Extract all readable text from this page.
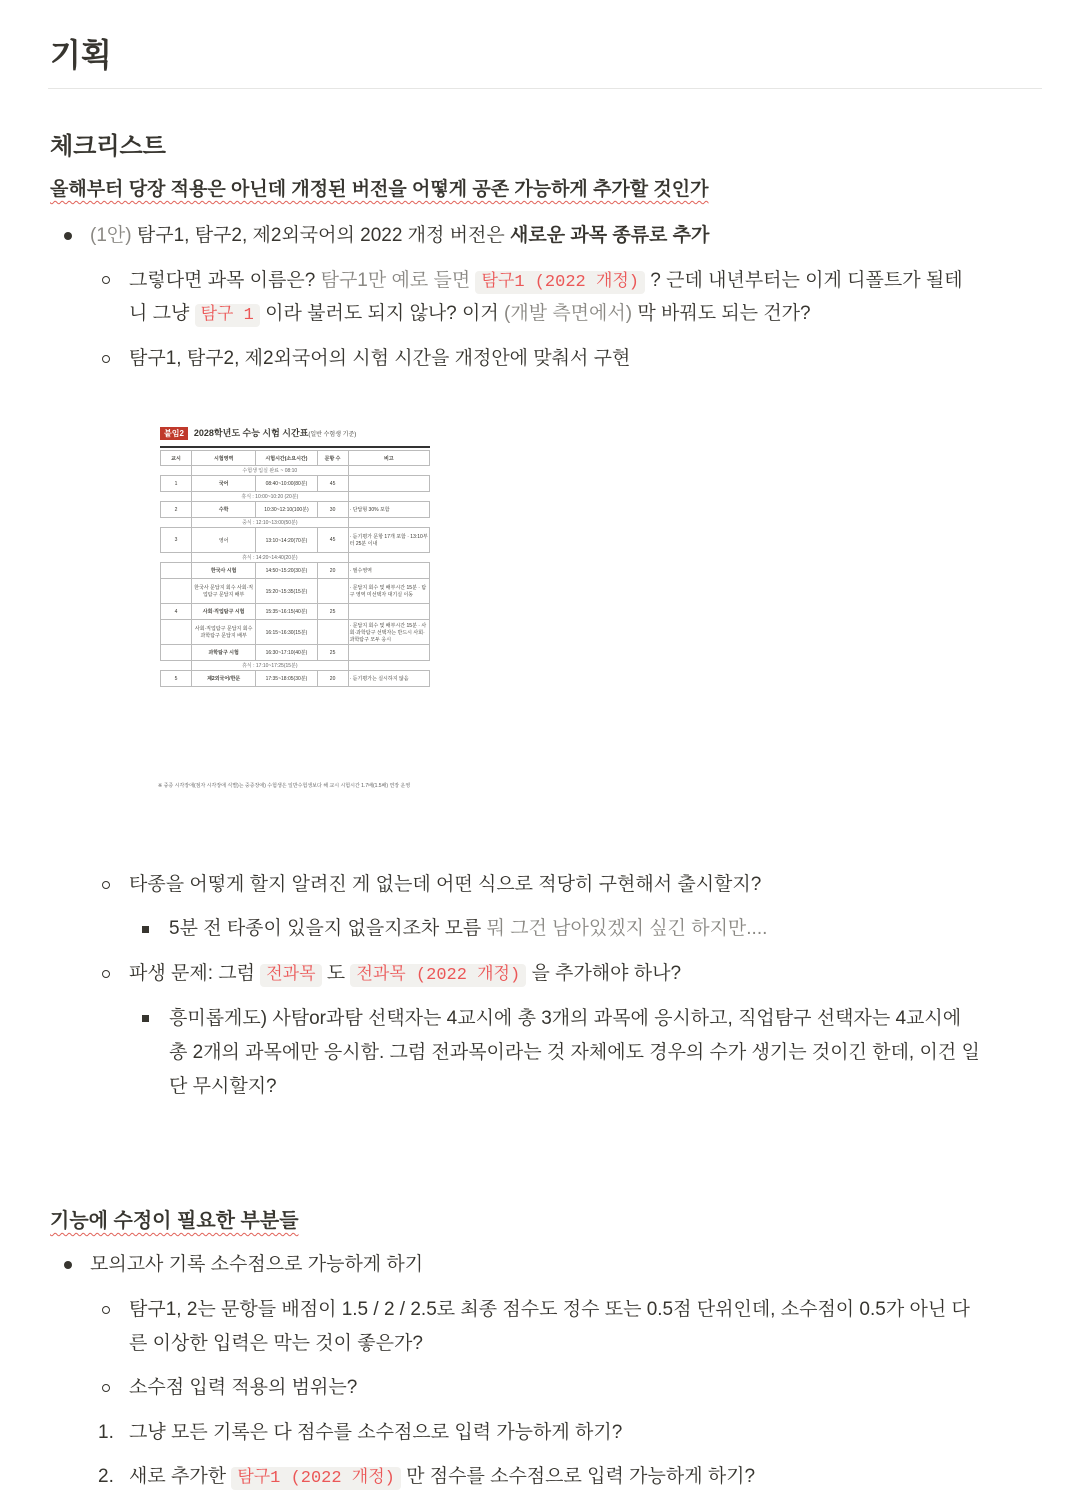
기획
체크리스트
올해부터 당장 적용은 아닌데 개정된 버전을 어떻게 공존 가능하게 추가할 것인가
(1안) 탐구1, 탐구2, 제2외국어의 2022 개정 버전은 새로운 과목 종류로 추가
그렇다면 과목 이름은? 탐구1만 예로 들면 탐구1 (2022 개정) ? 근데 내년부터는 이게 디폴트가 될테
니 그냥 탐구 1 이라 불러도 되지 않나? 이거 (개발 측면에서) 막 바꿔도 되는 건가?
탐구1, 탐구2, 제2외국어의 시험 시간을 개정안에 맞춰서 구현
붙임2 2028학년도 수능 시험 시간표(일반 수험생 기준)
교시	시험영역	시험시간(소요시간)	문항 수	비고
	수험생 입실 완료 ~ 08:10			
1	국어	08:40~10:00(80분)	45	
	휴식 : 10:00~10:20 (20분)			
2	수학	10:30~12:10(100분)	30	· 단답형 30% 포함
	중식 : 12:10~13:00(50분)			
3	영어	13:10~14:20(70분)	45	· 듣기평가 문항 17개 포함 · 13:10부터 25분 이내
	휴식 : 14:20~14:40(20분)			
	한국사 시험	14:50~15:20(30분)	20	· 필수영역
	한국사 문답지 회수 사회·직업탐구 문답지 배부	15:20~15:35(15분)		· 문답지 회수 및 배부시간 15분 · 탐구 영역 미선택자 대기실 이동
4	사회·직업탐구 시험	15:35~16:15(40분)	25	
	사회·직업탐구 문답지 회수 과학탐구 문답지 배부	16:15~16:30(15분)		· 문답지 회수 및 배부시간 15분 · 사회·과학탐구 선택자는 반드시 사회·과학탐구 모두 응시
	과학탐구 시험	16:30~17:10(40분)	25	
	휴식 : 17:10~17:25(15분)			
5	제2외국어/한문	17:35~18:05(30분)	20	· 듣기평가는 실시하지 않음
※ 중증 시각장애(점자 시각장애 식별)는 중증장애) 수험생은 일반수험생보다 해 교시 시험시간 1.7배(1.5배) 연장 운영
타종을 어떻게 할지 알려진 게 없는데 어떤 식으로 적당히 구현해서 출시할지?
5분 전 타종이 있을지 없을지조차 모름 뭐 그건 남아있겠지 싶긴 하지만....
파생 문제: 그럼 전과목 도 전과목 (2022 개정) 을 추가해야 하나?
흥미롭게도) 사탐or과탐 선택자는 4교시에 총 3개의 과목에 응시하고, 직업탐구 선택자는 4교시에
총 2개의 과목에만 응시함. 그럼 전과목이라는 것 자체에도 경우의 수가 생기는 것이긴 한데, 이건 일
단 무시할지?
기능에 수정이 필요한 부분들
모의고사 기록 소수점으로 가능하게 하기
탐구1, 2는 문항들 배점이 1.5 / 2 / 2.5로 최종 점수도 정수 또는 0.5점 단위인데, 소수점이 0.5가 아닌 다
른 이상한 입력은 막는 것이 좋은가?
소수점 입력 적용의 범위는?
1. 그냥 모든 기록은 다 점수를 소수점으로 입력 가능하게 하기?
2. 새로 추가한 탐구1 (2022 개정) 만 점수를 소수점으로 입력 가능하게 하기?
